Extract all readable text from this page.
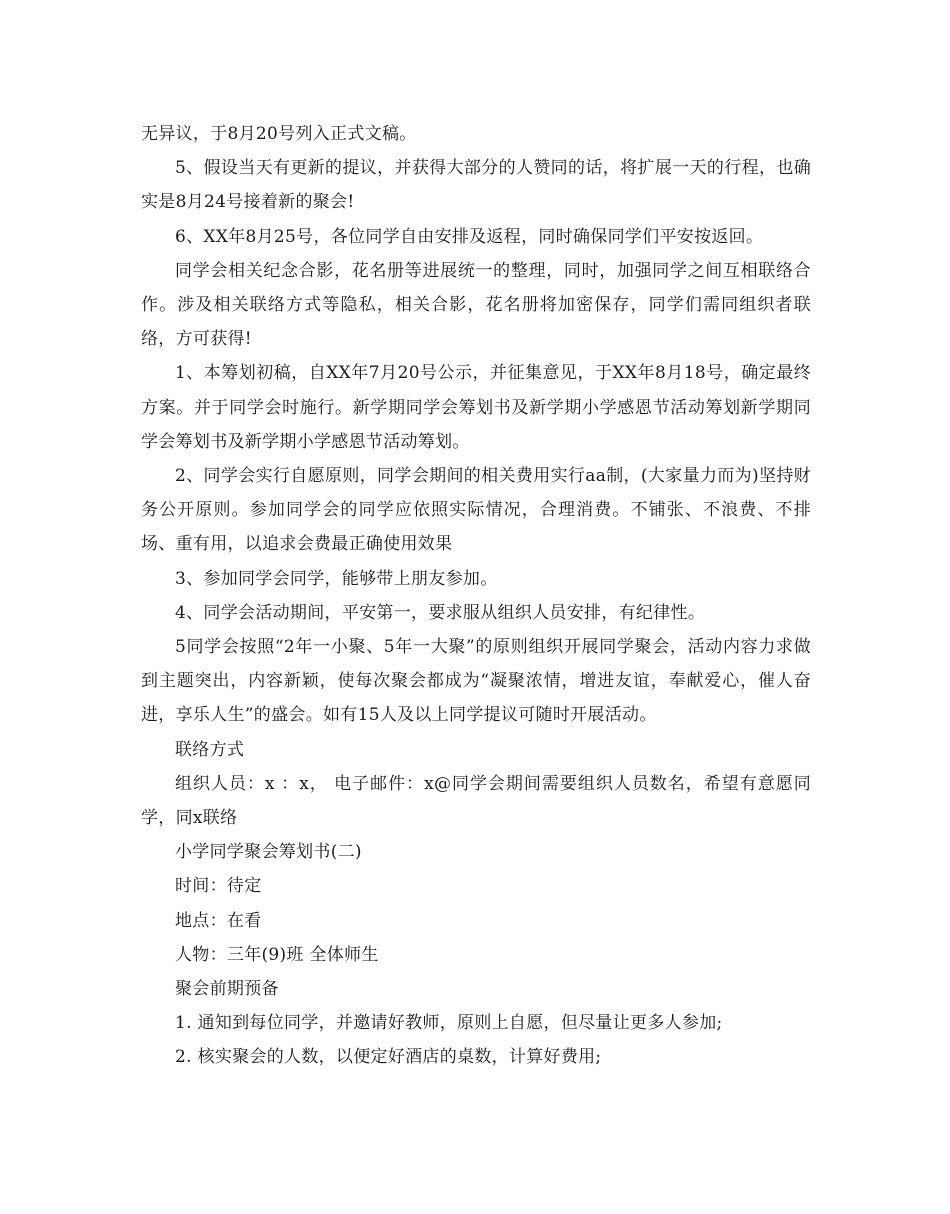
无异议，于8月20号列入正式文稿。

5、假设当天有更新的提议，并获得大部分的人赞同的话，将扩展一天的行程，也确实是8月24号接着新的聚会!

6、XX年8月25号，各位同学自由安排及返程，同时确保同学们平安按返回。

同学会相关纪念合影，花名册等进展统一的整理，同时，加强同学之间互相联络合作。涉及相关联络方式等隐私，相关合影，花名册将加密保存，同学们需同组织者联络，方可获得!

1、本筹划初稿，自XX年7月20号公示，并征集意见，于XX年8月18号，确定最终方案。并于同学会时施行。新学期同学会筹划书及新学期小学感恩节活动筹划新学期同学会筹划书及新学期小学感恩节活动筹划。

2、同学会实行自愿原则，同学会期间的相关费用实行aa制，(大家量力而为)坚持财务公开原则。参加同学会的同学应依照实际情况，合理消费。不铺张、不浪费、不排场、重有用，以追求会费最正确使用效果

3、参加同学会同学，能够带上朋友参加。

4、同学会活动期间，平安第一，要求服从组织人员安排，有纪律性。

5同学会按照“2年一小聚、5年一大聚”的原则组织开展同学聚会，活动内容力求做到主题突出，内容新颖，使每次聚会都成为“凝聚浓情，增进友谊，奉献爱心，催人奋进，享乐人生”的盛会。如有15人及以上同学提议可随时开展活动。

联络方式

组织人员：x ：x， 电子邮件：x@同学会期间需要组织人员数名，希望有意愿同学，同x联络

小学同学聚会筹划书(二)

时间：待定

地点：在看

人物：三年(9)班 全体师生

聚会前期预备

1. 通知到每位同学，并邀请好教师，原则上自愿，但尽量让更多人参加;

2. 核实聚会的人数，以便定好酒店的桌数，计算好费用;
